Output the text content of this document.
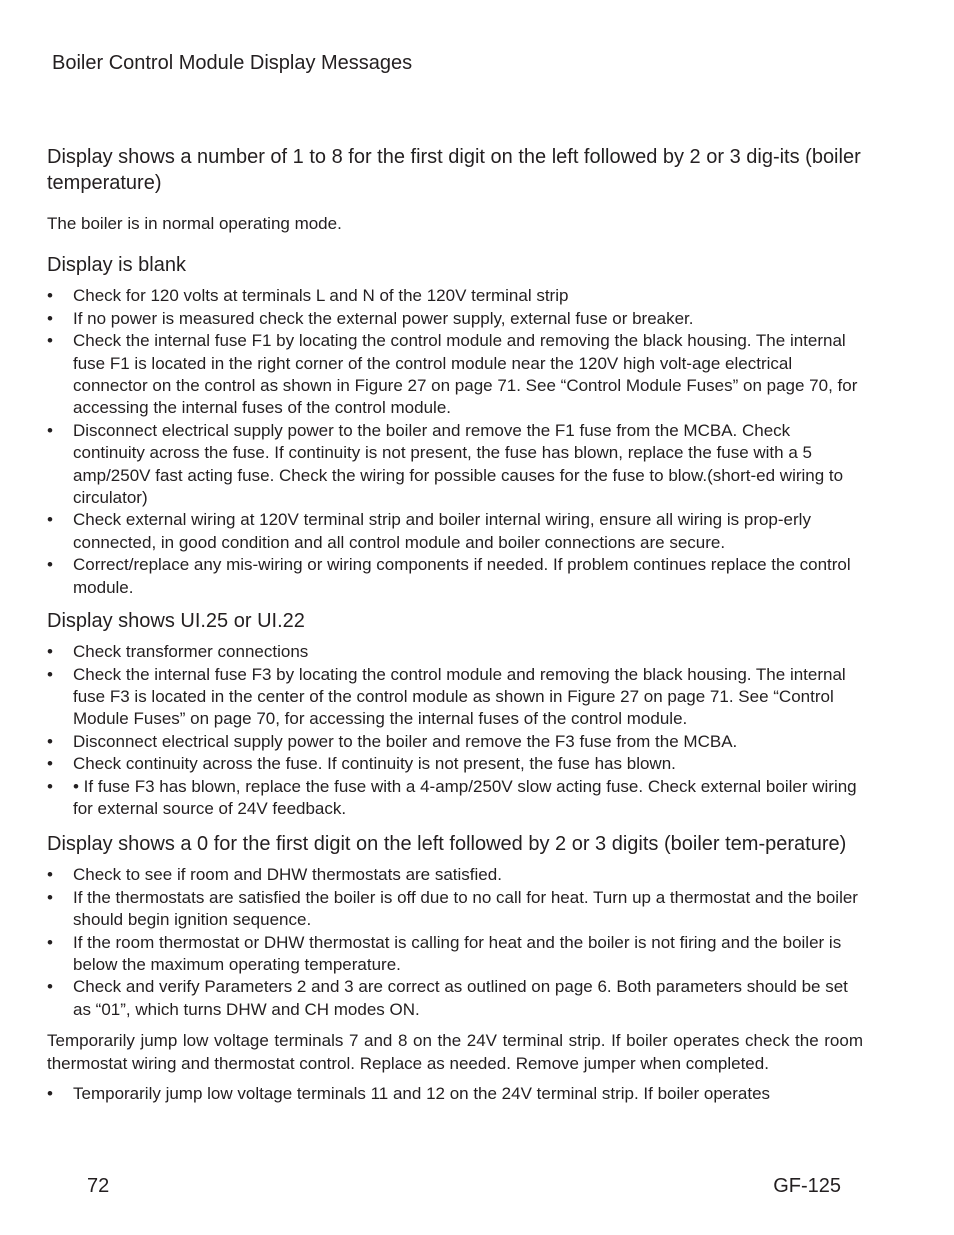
Boiler Control Module Display Messages

Display shows a number of 1 to 8 for the first digit on the left followed by 2 or 3 dig-its (boiler temperature)

The boiler is in normal operating mode.

Display is blank

• Check for 120 volts at terminals L and N of the 120V terminal strip
• If no power is measured check the external power supply, external fuse or breaker.
• Check the internal fuse F1 by locating the control module and removing the black housing. The internal fuse F1 is located in the right corner of the control module near the 120V high volt-age electrical connector on the control as shown in Figure 27 on page 71. See “Control Module Fuses” on page 70, for accessing the internal fuses of the control module.
• Disconnect electrical supply power to the boiler and remove the F1 fuse from the MCBA. Check continuity across the fuse. If continuity is not present, the fuse has blown, replace the fuse with a 5 amp/250V fast acting fuse. Check the wiring for possible causes for the fuse to blow.(short-ed wiring to circulator)
• Check external wiring at 120V terminal strip and boiler internal wiring, ensure all wiring is prop-erly connected, in good condition and all control module and boiler connections are secure.
• Correct/replace any mis-wiring or wiring components if needed. If problem continues replace the control module.

Display shows UI.25 or UI.22

• Check transformer connections
• Check the internal fuse F3 by locating the control module and removing the black housing. The internal fuse F3 is located in the center of the control module as shown in Figure 27 on page 71. See “Control Module Fuses” on page 70, for accessing the internal fuses of the control module.
• Disconnect electrical supply power to the boiler and remove the F3 fuse from the MCBA.
• Check continuity across the fuse. If continuity is not present, the fuse has blown.
• • If fuse F3 has blown, replace the fuse with a 4-amp/250V slow acting fuse. Check external boiler wiring for external source of 24V feedback.

Display shows a 0 for the first digit on the left followed by 2 or 3 digits (boiler tem-perature)

• Check to see if room and DHW thermostats are satisfied.
• If the thermostats are satisfied the boiler is off due to no call for heat. Turn up a thermostat and the boiler should begin ignition sequence.
• If the room thermostat or DHW thermostat is calling for heat and the boiler is not firing and the boiler is below the maximum operating temperature.
• Check and verify Parameters 2 and 3 are correct as outlined on page 6. Both parameters should be set as “01”, which turns DHW and CH modes ON.

Temporarily jump low voltage terminals 7 and 8 on the 24V terminal strip. If boiler operates check the room thermostat wiring and thermostat control. Replace as needed. Remove jumper when completed.

• Temporarily jump low voltage terminals 11 and 12 on the 24V terminal strip. If boiler operates
72	GF-125
